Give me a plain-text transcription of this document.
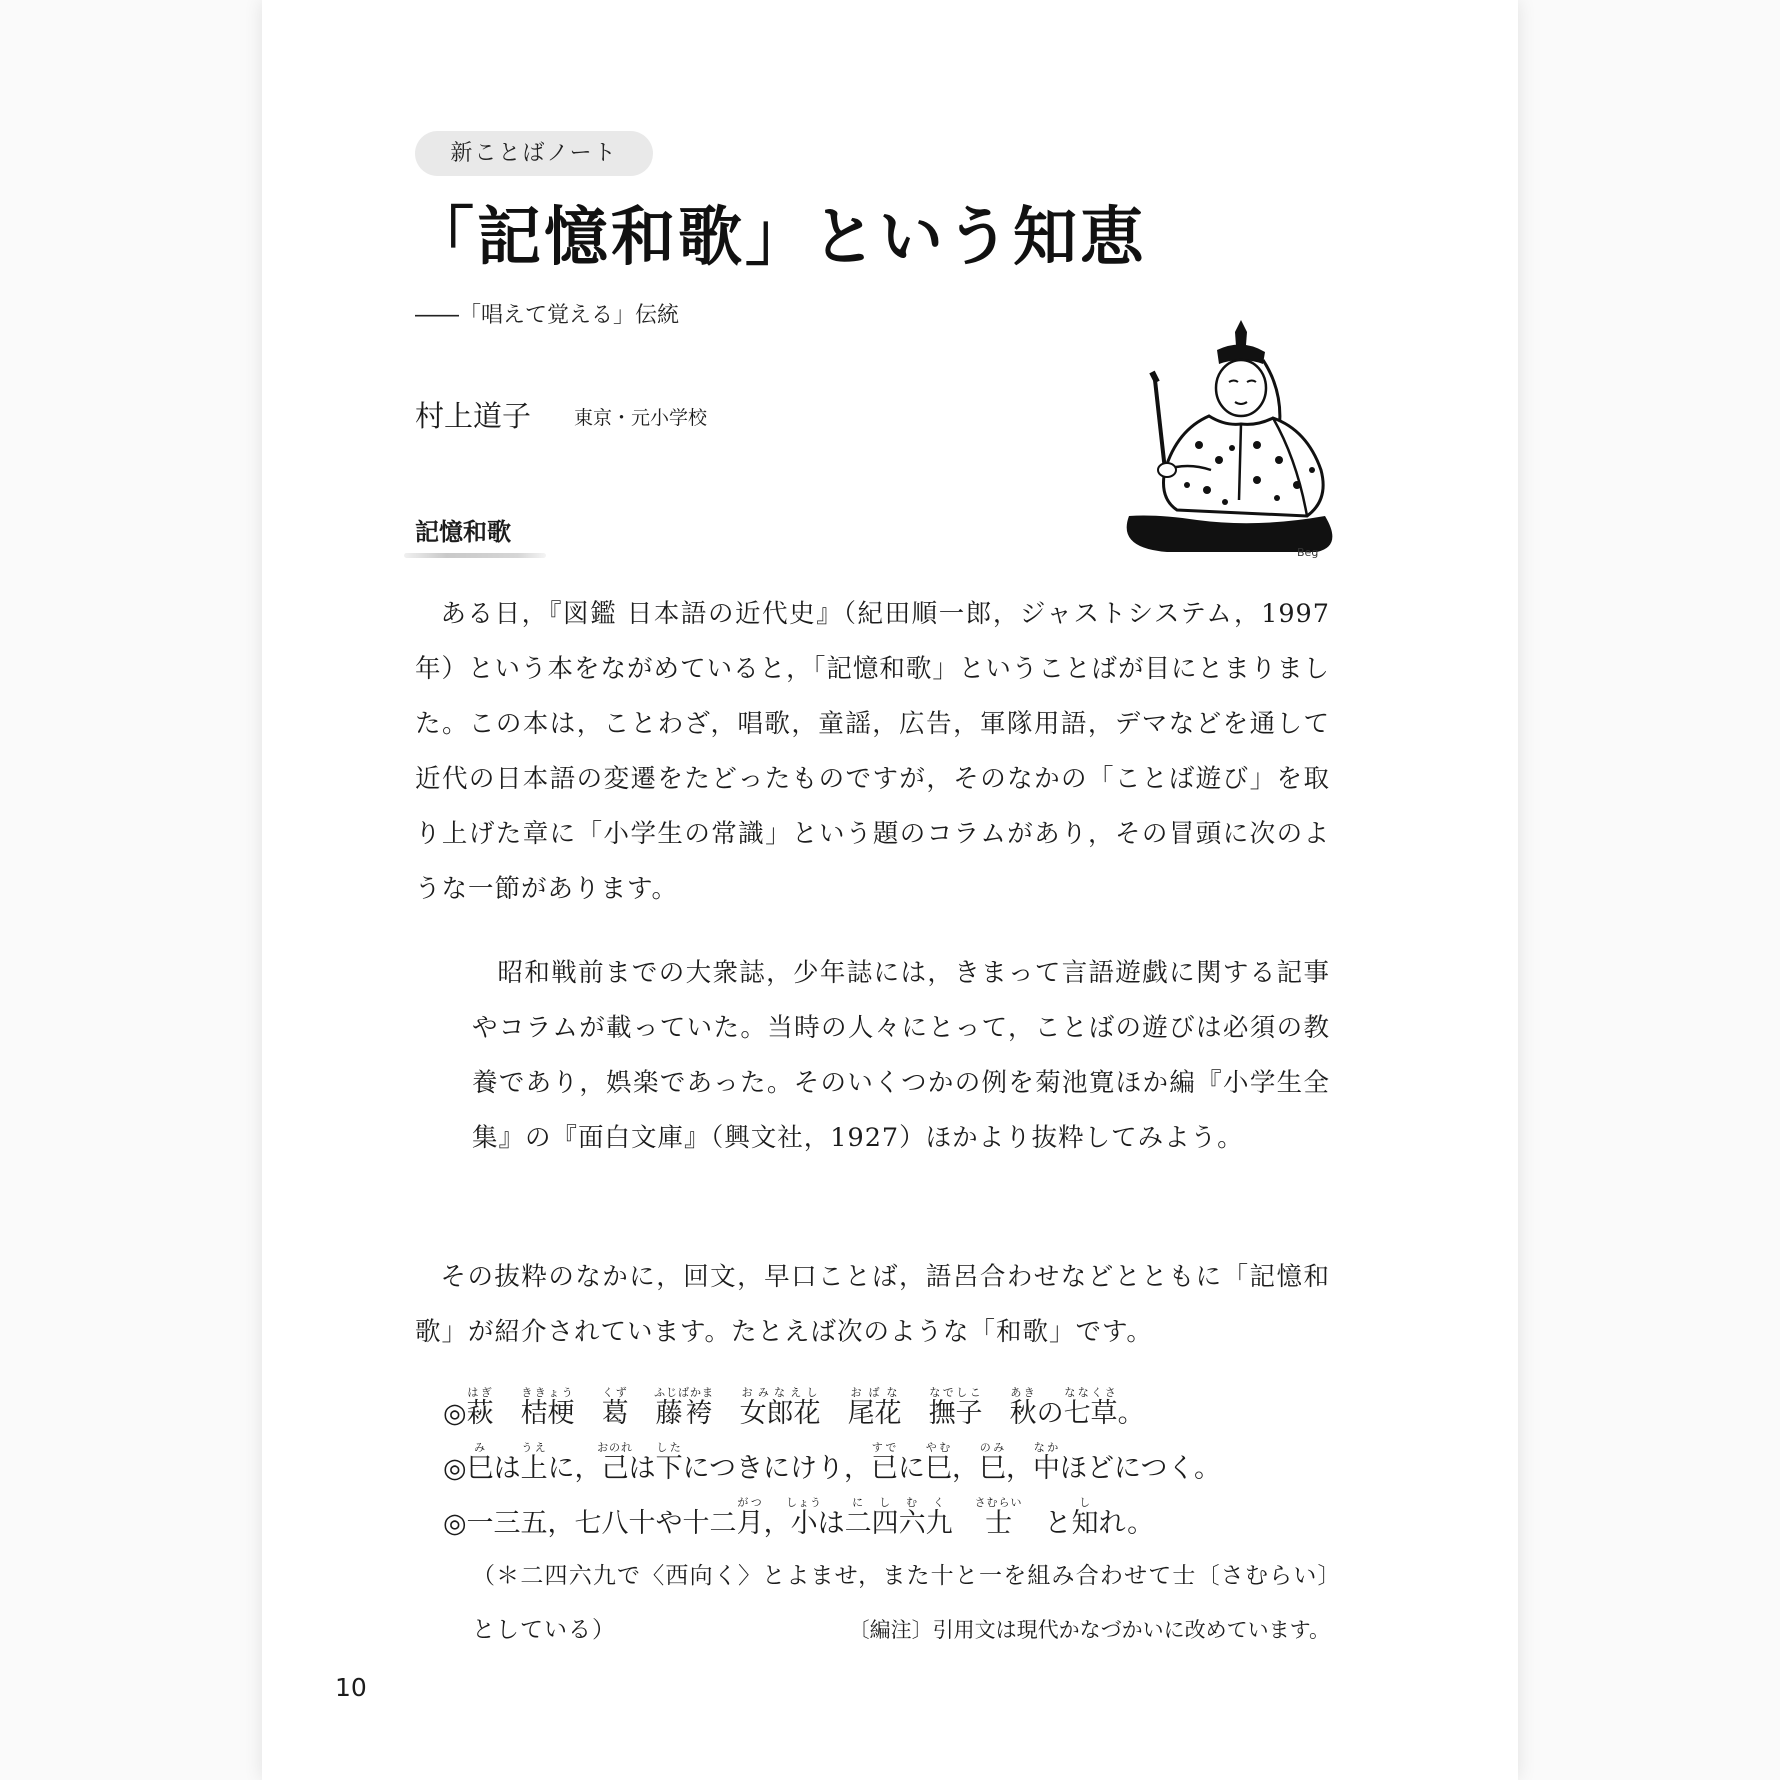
新ことばノート
「記憶和歌」という知恵
――「唱えて覚える」伝統
村上道子 東京・元小学校
Beg
記憶和歌
ある日，『図鑑 日本語の近代史』（紀田順一郎，ジャストシステム，1997年）という本をながめていると，「記憶和歌」ということばが目にとまりました。この本は，ことわざ，唱歌，童謡，広告，軍隊用語，デマなどを通して近代の日本語の変遷をたどったものですが，そのなかの「ことば遊び」を取り上げた章に「小学生の常識」という題のコラムがあり，その冒頭に次のような一節があります。
昭和戦前までの大衆誌，少年誌には，きまって言語遊戯に関する記事やコラムが載っていた。当時の人々にとって，ことばの遊びは必須の教養であり，娯楽であった。そのいくつかの例を菊池寛ほか編『小学生全集』の『面白文庫』（興文社，1927）ほかより抜粋してみよう。
その抜粋のなかに，回文，早口ことば，語呂合わせなどとともに「記憶和歌」が紹介されています。たとえば次のような「和歌」です。
◎萩はぎ　桔梗ききょう　葛くず　藤袴ふじばかま　女郎花おみなえし　尾花おばな　撫子なでしこ　秋あきの七草ななくさ。
◎巳みは上うえに，己おのれは下したにつきにけり，已すでに巳やむ，巳のみ，中なかほどにつく。
◎一三五，七八十や十二月がつ，小しょうは二に四し六む九く　士さむらい　と知しれ。
（＊二四六九で〈西向く〉とよませ，また十と一を組み合わせて士〔さむらい〕としている）	〔編注〕引用文は現代かなづかいに改めています。
10
